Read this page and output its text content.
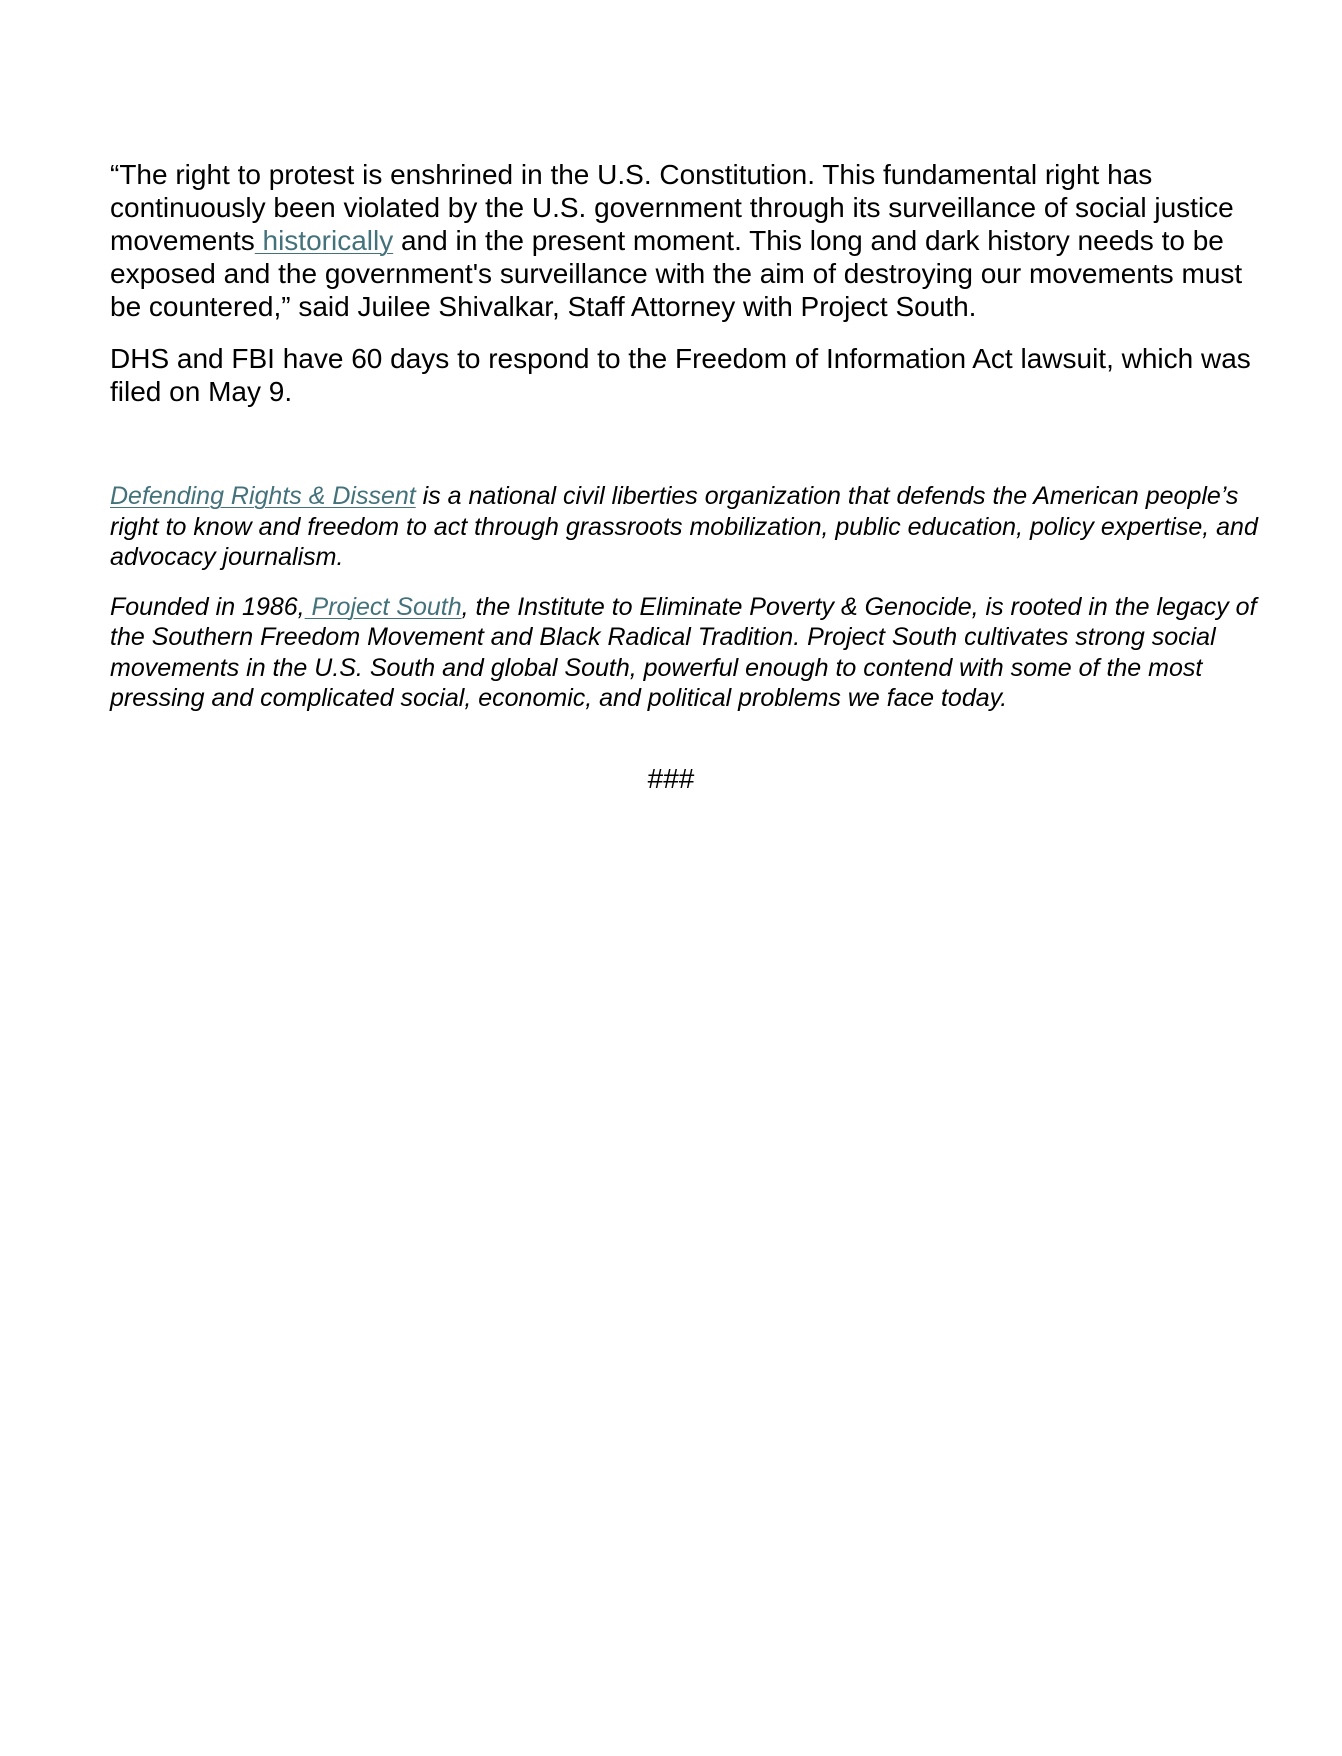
“The right to protest is enshrined in the U.S. Constitution. This fundamental right has continuously been violated by the U.S. government through its surveillance of social justice movements historically and in the present moment. This long and dark history needs to be exposed and the government's surveillance with the aim of destroying our movements must be countered,” said Juilee Shivalkar, Staff Attorney with Project South.

DHS and FBI have 60 days to respond to the Freedom of Information Act lawsuit, which was filed on May 9.

Defending Rights & Dissent is a national civil liberties organization that defends the American people’s right to know and freedom to act through grassroots mobilization, public education, policy expertise, and advocacy journalism.

Founded in 1986, Project South, the Institute to Eliminate Poverty & Genocide, is rooted in the legacy of the Southern Freedom Movement and Black Radical Tradition. Project South cultivates strong social movements in the U.S. South and global South, powerful enough to contend with some of the most pressing and complicated social, economic, and political problems we face today.

###
